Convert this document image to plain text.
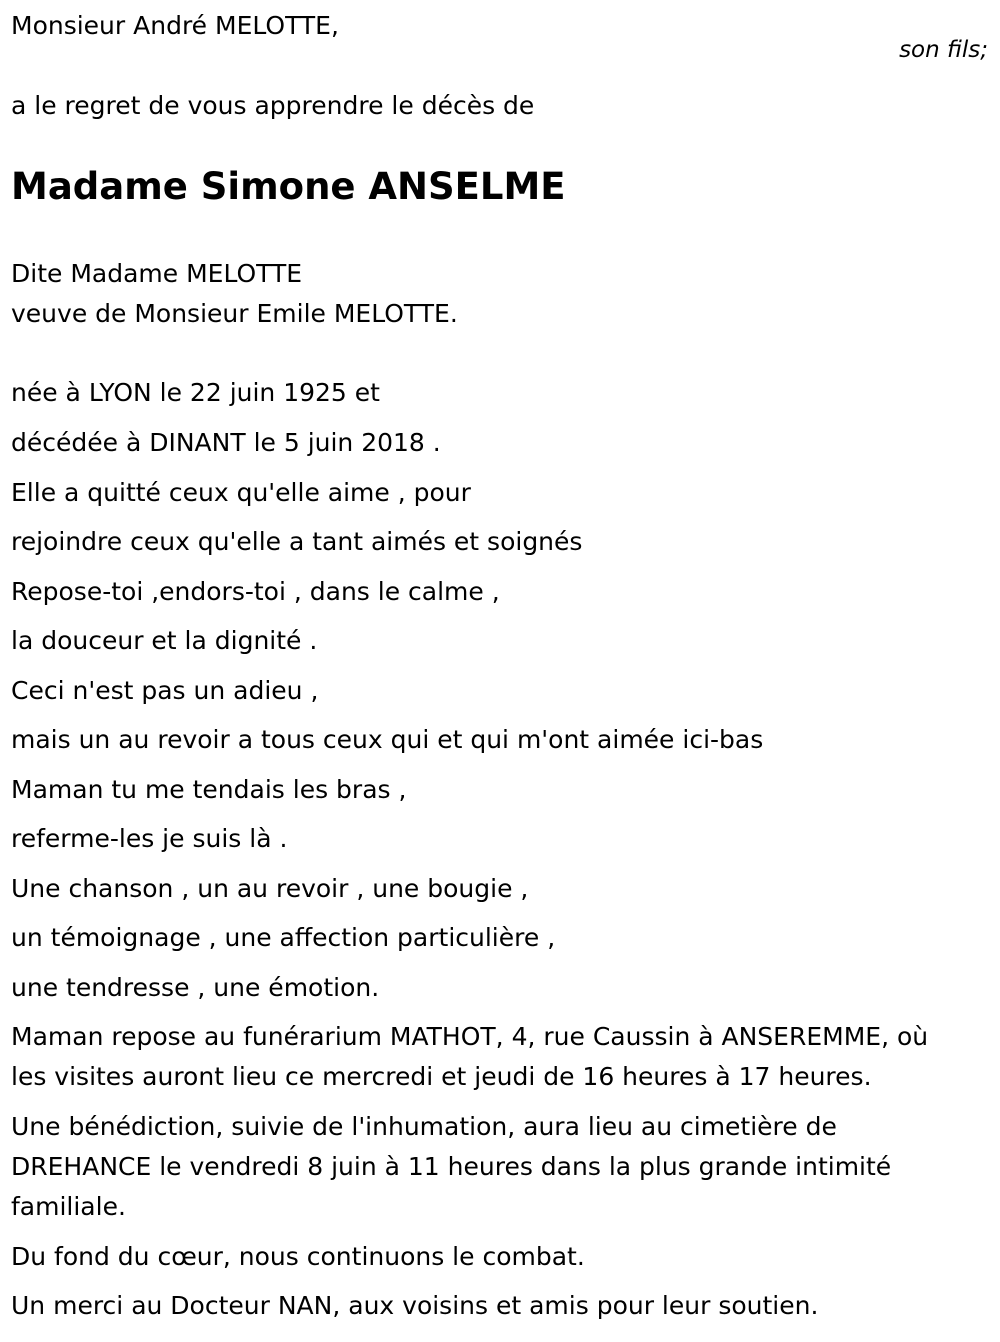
Monsieur André MELOTTE,

son fils;

a le regret de vous apprendre le décès de

Madame Simone ANSELME

Dite Madame MELOTTE

veuve de Monsieur Emile MELOTTE.

née à LYON le 22 juin 1925 et

décédée à DINANT le 5 juin 2018 .

Elle a quitté ceux qu'elle aime , pour

rejoindre ceux qu'elle a tant aimés et soignés

Repose-toi ,endors-toi , dans le calme ,

la douceur et la dignité .

Ceci n'est pas un adieu ,

mais un au revoir a tous ceux qui et qui m'ont aimée ici-bas

Maman tu me tendais les bras ,

referme-les je suis là .

Une chanson , un au revoir , une bougie ,

un témoignage , une affection particulière ,

une tendresse , une émotion.

Maman repose au funérarium MATHOT, 4, rue Caussin à ANSEREMME, où

les visites auront lieu ce mercredi et jeudi de 16 heures à 17 heures.

Une bénédiction, suivie de l'inhumation, aura lieu au cimetière de

DREHANCE le vendredi 8 juin à 11 heures dans la plus grande intimité

familiale.

Du fond du cœur, nous continuons le combat.

Un merci au Docteur NAN, aux voisins et amis pour leur soutien.
